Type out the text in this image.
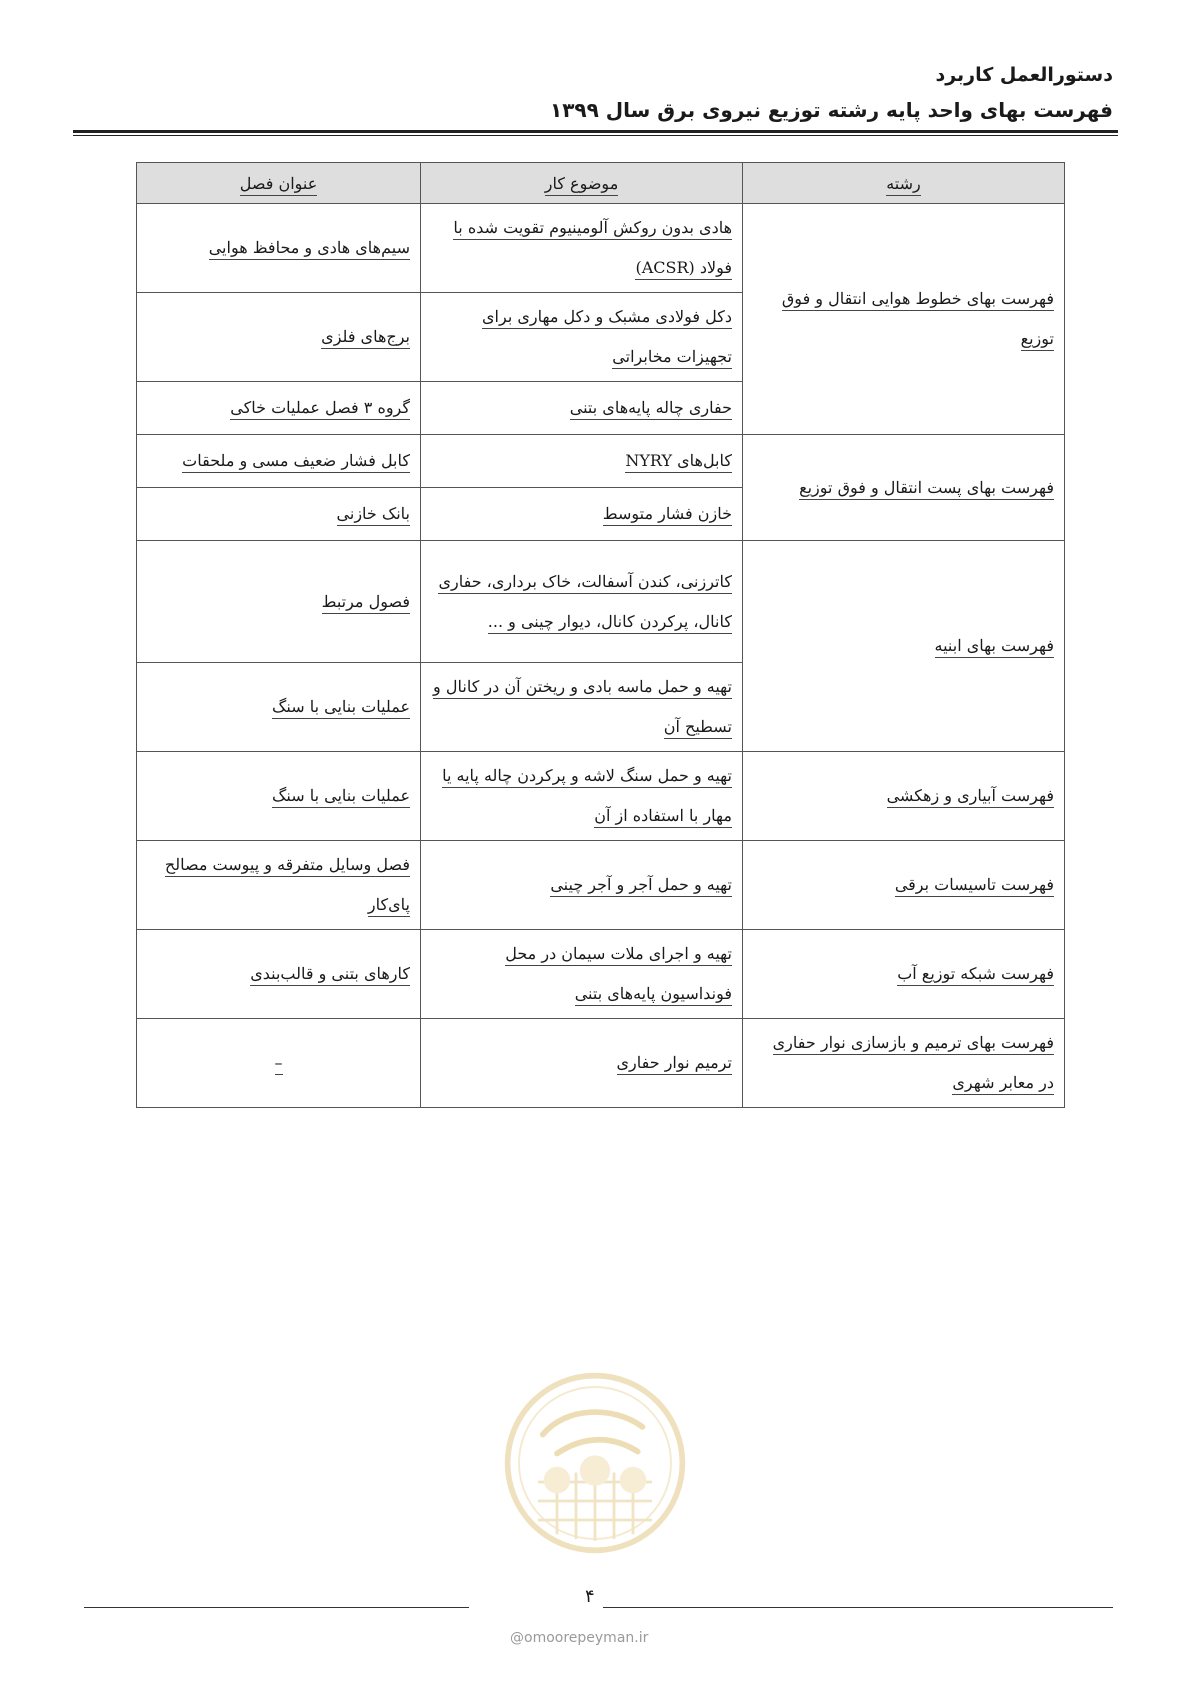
دستورالعمل کاربرد
فهرست بهای واحد پایه رشته توزیع نیروی برق سال ۱۳۹۹
رشته	موضوع کار	عنوان فصل
فهرست بهای خطوط هوایی انتقال و فوق توزیع	هادی بدون روکش آلومینیوم تقویت شده با فولاد (ACSR)	سیم‌های هادی و محافظ هوایی
	دکل فولادی مشبک و دکل مهاری برای تجهیزات مخابراتی	برج‌های فلزی
	حفاری چاله پایه‌های بتنی	گروه ۳ فصل عملیات خاکی
فهرست بهای پست انتقال و فوق توزیع	کابل‌های NYRY	کابل فشار ضعیف مسی و ملحقات
	خازن فشار متوسط	بانک خازنی
فهرست بهای ابنیه	کاترزنی، کندن آسفالت، خاک برداری، حفاری کانال، پرکردن کانال، دیوار چینی و ...	فصول مرتبط
	تهیه و حمل ماسه بادی و ریختن آن در کانال و تسطیح آن	عملیات بنایی با سنگ
فهرست آبیاری و زهکشی	تهیه و حمل سنگ لاشه و پرکردن چاله پایه یا مهار با استفاده از آن	عملیات بنایی با سنگ
فهرست تاسیسات برقی	تهیه و حمل آجر و آجر چینی	فصل وسایل متفرقه و پیوست مصالح پای‌کار
فهرست شبکه توزیع آب	تهیه و اجرای ملات سیمان در محل فونداسیون پایه‌های بتنی	کارهای بتنی و قالب‌بندی
فهرست بهای ترمیم و بازسازی نوار حفاری در معابر شهری	ترمیم نوار حفاری	–
۴
@omoorepeyman.ir
